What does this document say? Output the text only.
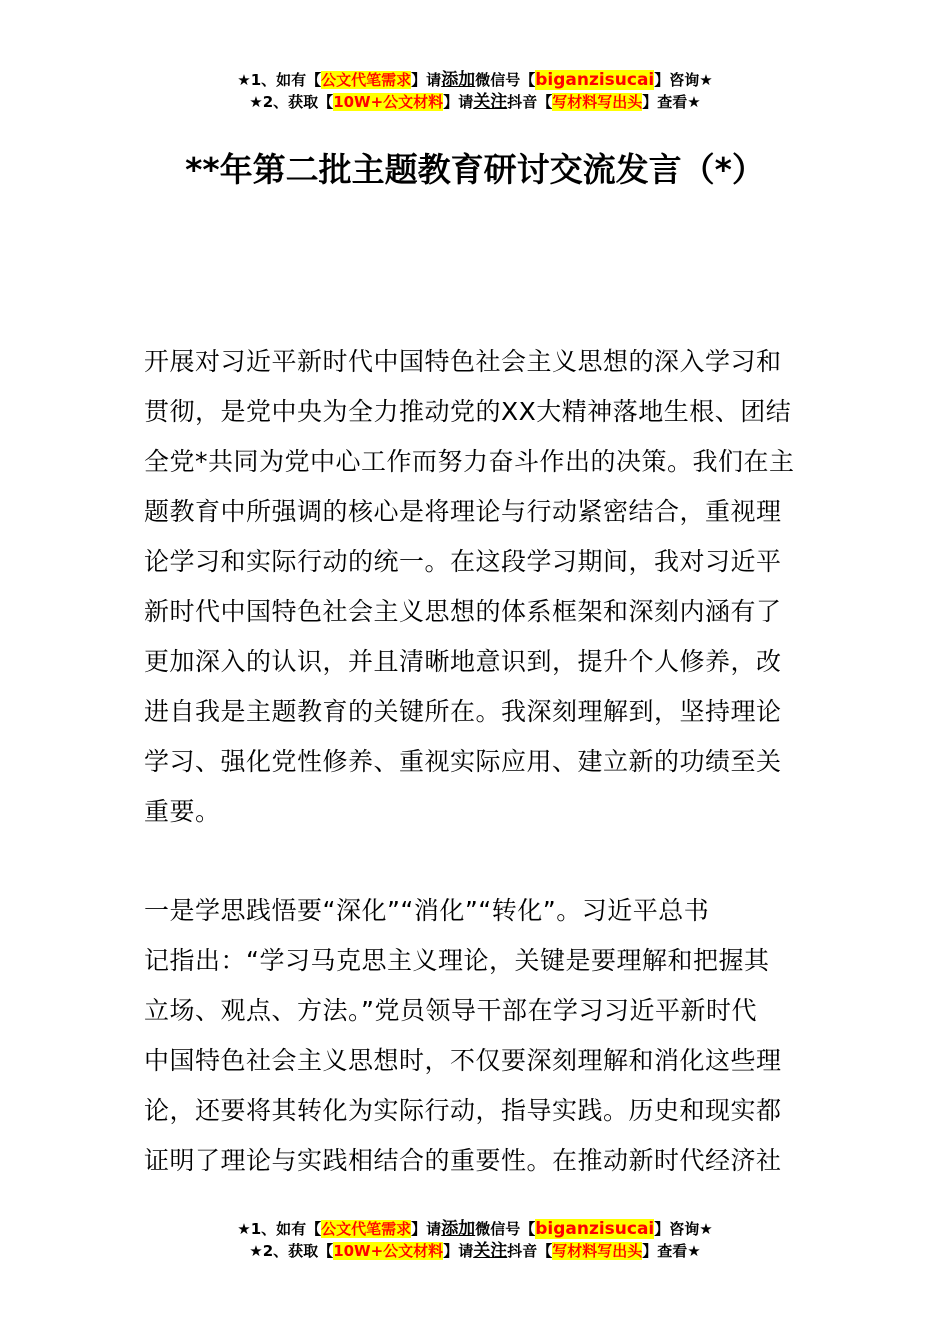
★1、如有【公文代笔需求】请添加微信号【biganzisucai】咨询★
★2、获取【10W+公文材料】请关注抖音【写材料写出头】查看★
**年第二批主题教育研讨交流发言（*）
开展对习近平新时代中国特色社会主义思想的深入学习和
贯彻，是党中央为全力推动党的XX大精神落地生根、团结
全党*共同为党中心工作而努力奋斗作出的决策。我们在主
题教育中所强调的核心是将理论与行动紧密结合，重视理
论学习和实际行动的统一。在这段学习期间，我对习近平
新时代中国特色社会主义思想的体系框架和深刻内涵有了
更加深入的认识，并且清晰地意识到，提升个人修养，改
进自我是主题教育的关键所在。我深刻理解到，坚持理论
学习、强化党性修养、重视实际应用、建立新的功绩至关
重要。
一是学思践悟要“深化”“消化”“转化”。习近平总书
记指出：“学习马克思主义理论，关键是要理解和把握其
立场、观点、方法。”党员领导干部在学习习近平新时代
中国特色社会主义思想时，不仅要深刻理解和消化这些理
论，还要将其转化为实际行动，指导实践。历史和现实都
证明了理论与实践相结合的重要性。在推动新时代经济社
★1、如有【公文代笔需求】请添加微信号【biganzisucai】咨询★
★2、获取【10W+公文材料】请关注抖音【写材料写出头】查看★
